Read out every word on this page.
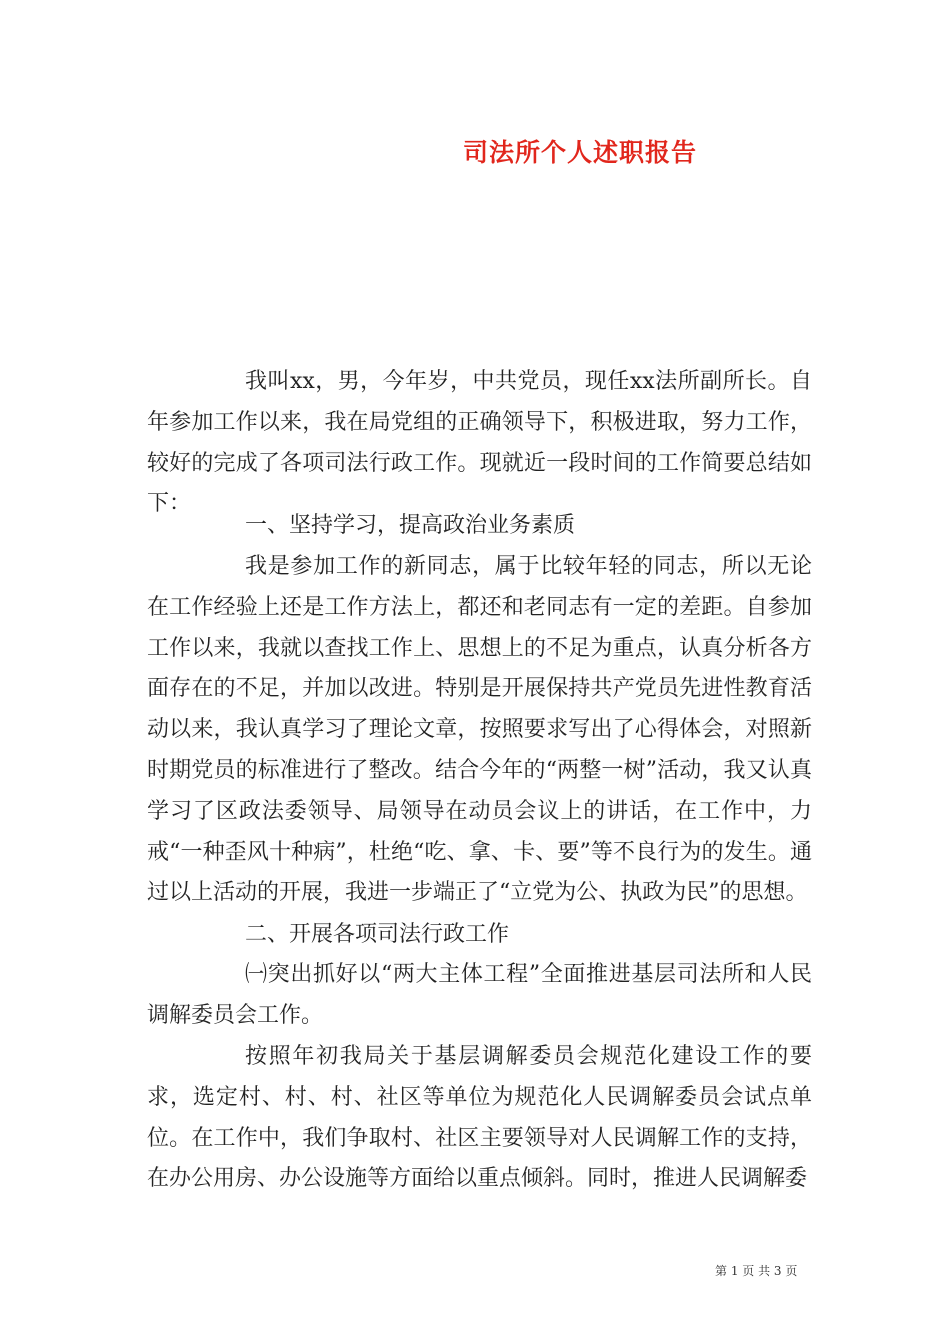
司法所个人述职报告

我叫xx，男，今年岁，中共党员，现任xx法所副所长。自年参加工作以来，我在局党组的正确领导下，积极进取，努力工作，较好的完成了各项司法行政工作。现就近一段时间的工作简要总结如下：

一、坚持学习，提高政治业务素质

我是参加工作的新同志，属于比较年轻的同志，所以无论在工作经验上还是工作方法上，都还和老同志有一定的差距。自参加工作以来，我就以查找工作上、思想上的不足为重点，认真分析各方面存在的不足，并加以改进。特别是开展保持共产党员先进性教育活动以来，我认真学习了理论文章，按照要求写出了心得体会，对照新时期党员的标准进行了整改。结合今年的“两整一树”活动，我又认真学习了区政法委领导、局领导在动员会议上的讲话，在工作中，力戒“一种歪风十种病”，杜绝“吃、拿、卡、要”等不良行为的发生。通过以上活动的开展，我进一步端正了“立党为公、执政为民”的思想。

二、开展各项司法行政工作

㈠突出抓好以“两大主体工程”全面推进基层司法所和人民调解委员会工作。

按照年初我局关于基层调解委员会规范化建设工作的要求，选定村、村、村、社区等单位为规范化人民调解委员会试点单位。在工作中，我们争取村、社区主要领导对人民调解工作的支持，在办公用房、办公设施等方面给以重点倾斜。同时，推进人民调解委

第 1 页 共 3 页
